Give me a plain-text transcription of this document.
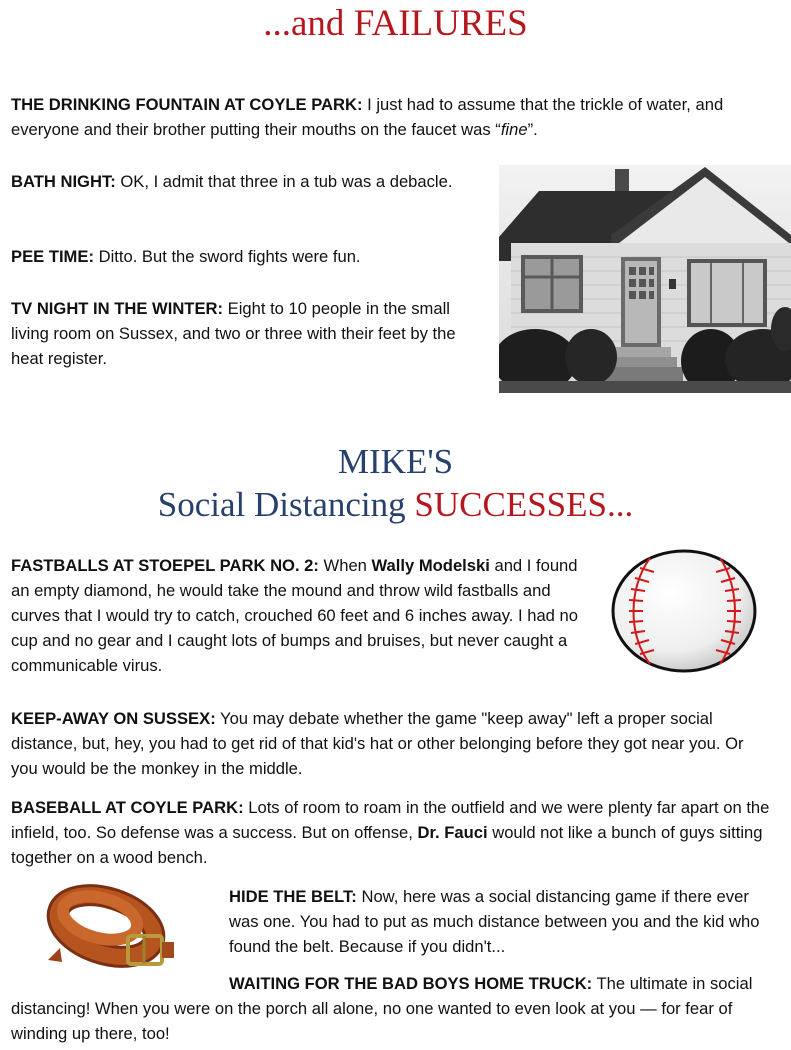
...and FAILURES

THE DRINKING FOUNTAIN AT COYLE PARK: I just had to assume that the trickle of water, and everyone and their brother putting their mouths on the faucet was “fine”.

BATH NIGHT: OK, I admit that three in a tub was a debacle.

PEE TIME: Ditto. But the sword fights were fun.

TV NIGHT IN THE WINTER: Eight to 10 people in the small living room on Sussex, and two or three with their feet by the heat register.

MIKE'S
Social Distancing SUCCESSES...

FASTBALLS AT STOEPEL PARK NO. 2: When Wally Modelski and I found an empty diamond, he would take the mound and throw wild fastballs and curves that I would try to catch, crouched 60 feet and 6 inches away. I had no cup and no gear and I caught lots of bumps and bruises, but never caught a communicable virus.

KEEP-AWAY ON SUSSEX: You may debate whether the game "keep away" left a proper social distance, but, hey, you had to get rid of that kid's hat or other belonging before they got near you. Or you would be the monkey in the middle.

BASEBALL AT COYLE PARK: Lots of room to roam in the outfield and we were plenty far apart on the infield, too. So defense was a success. But on offense, Dr. Fauci would not like a bunch of guys sitting together on a wood bench.

HIDE THE BELT: Now, here was a social distancing game if there ever was one. You had to put as much distance between you and the kid who found the belt. Because if you didn't...

WAITING FOR THE BAD BOYS HOME TRUCK: The ultimate in social distancing! When you were on the porch all alone, no one wanted to even look at you — for fear of winding up there, too!
